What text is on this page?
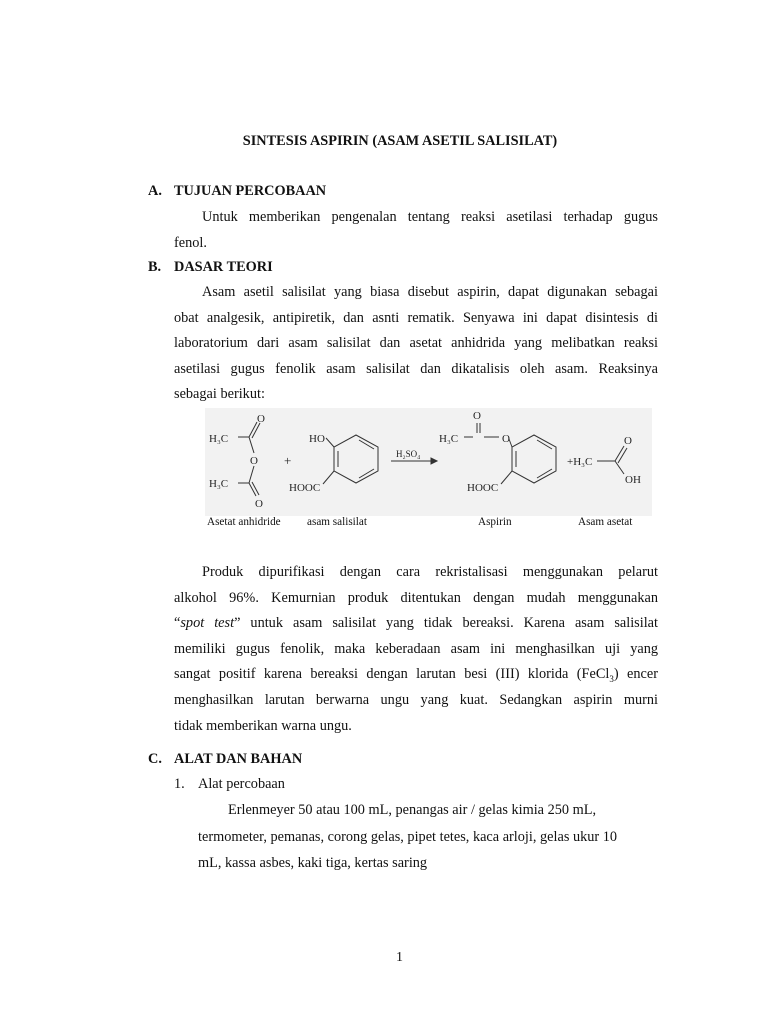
SINTESIS ASPIRIN (ASAM ASETIL SALISILAT)
A. TUJUAN PERCOBAAN
Untuk memberikan pengenalan tentang reaksi asetilasi terhadap gugus
fenol.
B. DASAR TEORI
Asam asetil salisilat yang biasa disebut aspirin, dapat digunakan sebagai
obat analgesik, antipiretik, dan asnti rematik. Senyawa ini dapat disintesis di
laboratorium dari asam salisilat dan asetat anhidrida yang melibatkan reaksi
asetilasi gugus fenolik asam salisilat dan dikatalisis oleh asam. Reaksinya
sebagai berikut:
H₃C
O
O
H₃C
O
+
HO
HOOC
H₂SO₄
H₃C
O
O
HOOC
+H₃C
O
OH
Asetat anhidride asam salisilat	Aspirin	Asam asetat
Produk dipurifikasi dengan cara rekristalisasi menggunakan pelarut
alkohol 96%. Kemurnian produk ditentukan dengan mudah menggunakan
“spot test” untuk asam salisilat yang tidak bereaksi. Karena asam salisilat
memiliki gugus fenolik, maka keberadaan asam ini menghasilkan uji yang
sangat positif karena bereaksi dengan larutan besi (III) klorida (FeCl$_3$) encer
menghasilkan larutan berwarna ungu yang kuat. Sedangkan aspirin murni
tidak memberikan warna ungu.
C. ALAT DAN BAHAN
1. Alat percobaan
Erlenmeyer 50 atau 100 mL, penangas air / gelas kimia 250 mL,
termometer, pemanas, corong gelas, pipet tetes, kaca arloji, gelas ukur 10
mL, kassa asbes, kaki tiga, kertas saring
1
